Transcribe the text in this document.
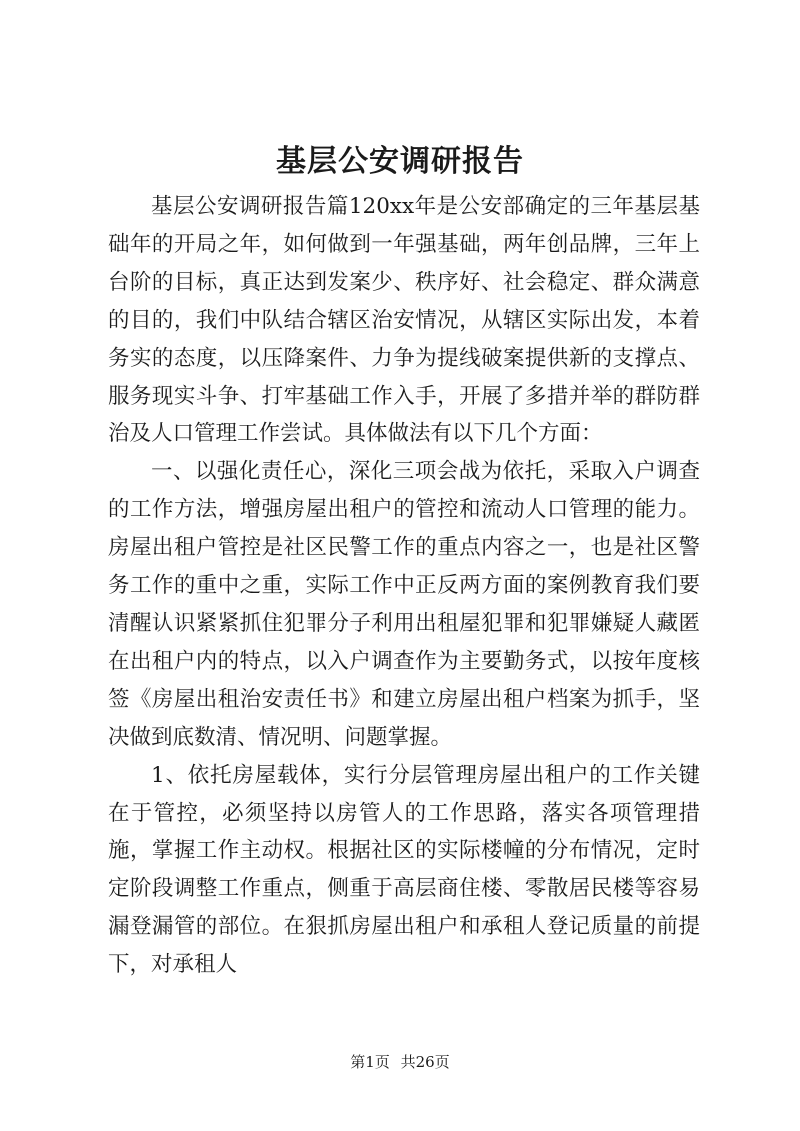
基层公安调研报告

基层公安调研报告篇120xx年是公安部确定的三年基层基础年的开局之年，如何做到一年强基础，两年创品牌，三年上台阶的目标，真正达到发案少、秩序好、社会稳定、群众满意的目的，我们中队结合辖区治安情况，从辖区实际出发，本着务实的态度，以压降案件、力争为提线破案提供新的支撑点、服务现实斗争、打牢基础工作入手，开展了多措并举的群防群治及人口管理工作尝试。具体做法有以下几个方面：

一、以强化责任心，深化三项会战为依托，采取入户调查的工作方法，增强房屋出租户的管控和流动人口管理的能力。房屋出租户管控是社区民警工作的重点内容之一，也是社区警务工作的重中之重，实际工作中正反两方面的案例教育我们要清醒认识紧紧抓住犯罪分子利用出租屋犯罪和犯罪嫌疑人藏匿在出租户内的特点，以入户调查作为主要勤务式，以按年度核签《房屋出租治安责任书》和建立房屋出租户档案为抓手，坚决做到底数清、情况明、问题掌握。

1、依托房屋载体，实行分层管理房屋出租户的工作关键在于管控，必须坚持以房管人的工作思路，落实各项管理措施，掌握工作主动权。根据社区的实际楼幢的分布情况，定时定阶段调整工作重点，侧重于高层商住楼、零散居民楼等容易漏登漏管的部位。在狠抓房屋出租户和承租人登记质量的前提下，对承租人

第1页 共26页
